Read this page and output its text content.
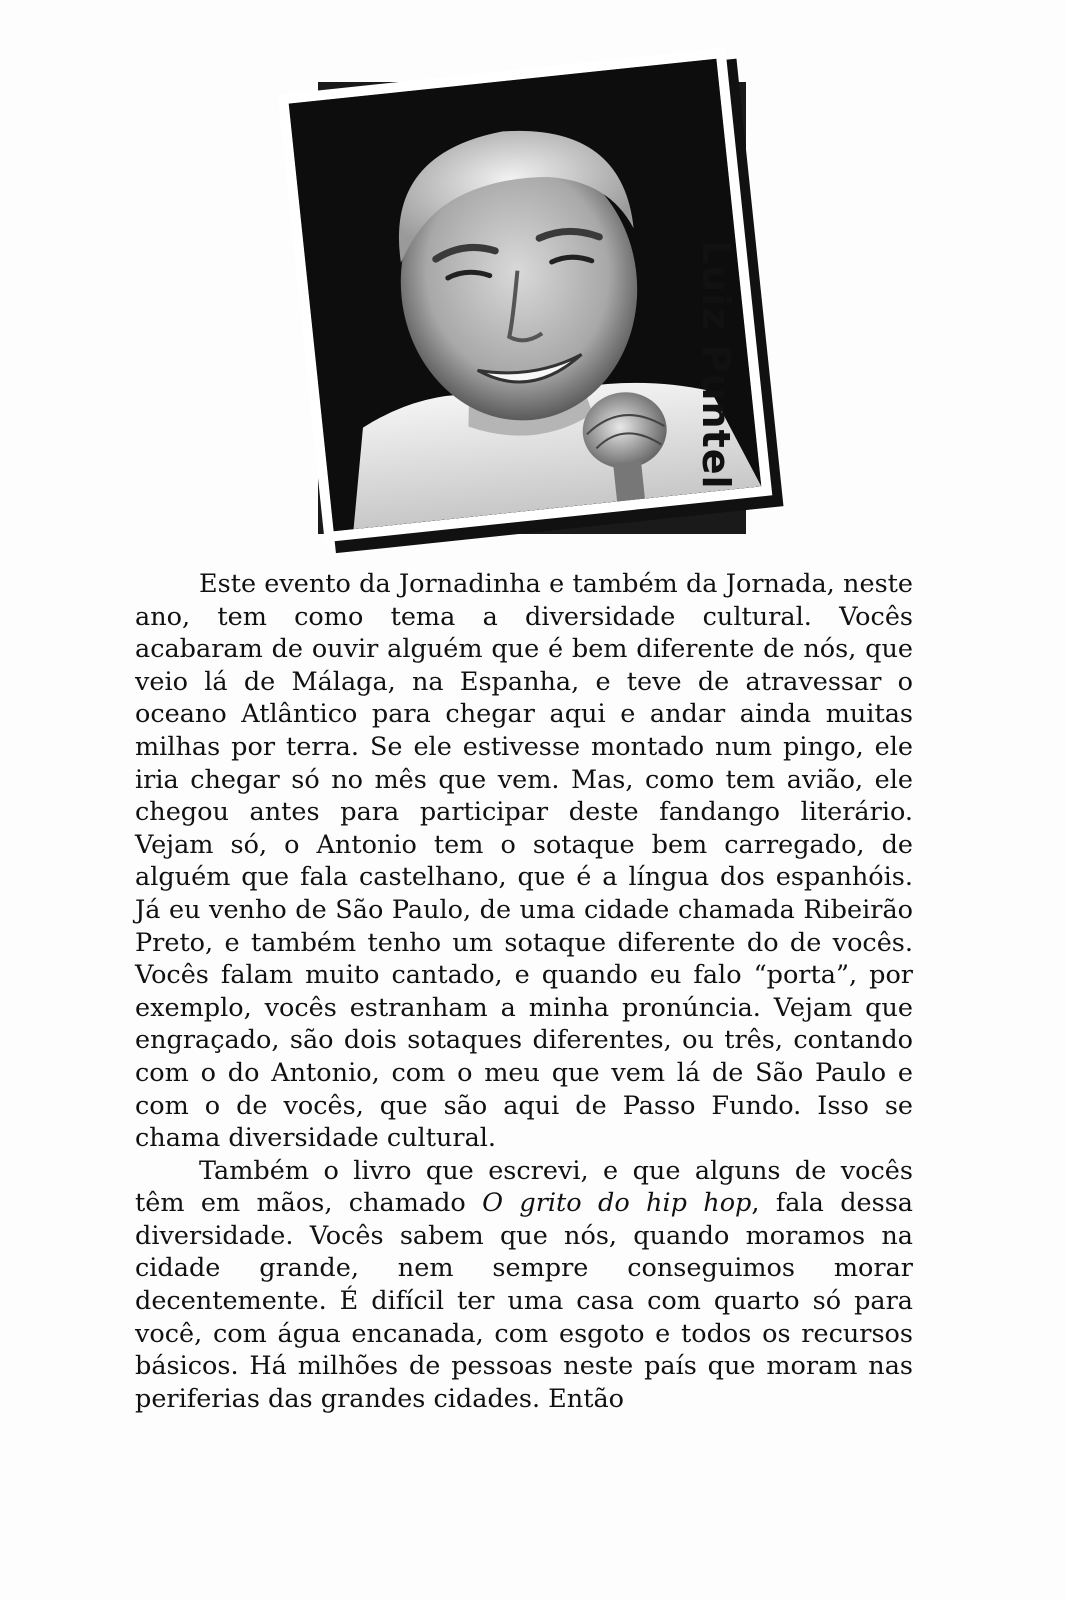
Luiz Puntel

Este evento da Jornadinha e também da Jornada, neste ano, tem como tema a diversidade cultural. Vocês acabaram de ouvir alguém que é bem diferente de nós, que veio lá de Málaga, na Espanha, e teve de atravessar o oceano Atlântico para chegar aqui e andar ainda muitas milhas por terra. Se ele estivesse montado num pingo, ele iria chegar só no mês que vem. Mas, como tem avião, ele chegou antes para participar deste fandango literário. Vejam só, o Antonio tem o sotaque bem carregado, de alguém que fala castelhano, que é a língua dos espanhóis. Já eu venho de São Paulo, de uma cidade chamada Ribeirão Preto, e também tenho um sotaque diferente do de vocês. Vocês falam muito cantado, e quando eu falo “porta”, por exemplo, vocês estranham a minha pronúncia. Vejam que engraçado, são dois sotaques diferentes, ou três, contando com o do Antonio, com o meu que vem lá de São Paulo e com o de vocês, que são aqui de Passo Fundo. Isso se chama diversidade cultural.

Também o livro que escrevi, e que alguns de vocês têm em mãos, chamado O grito do hip hop, fala dessa diversidade. Vocês sabem que nós, quando moramos na cidade grande, nem sempre conseguimos morar decentemente. É difícil ter uma casa com quarto só para você, com água encanada, com esgoto e todos os recursos básicos. Há milhões de pessoas neste país que moram nas periferias das grandes cidades. Então
